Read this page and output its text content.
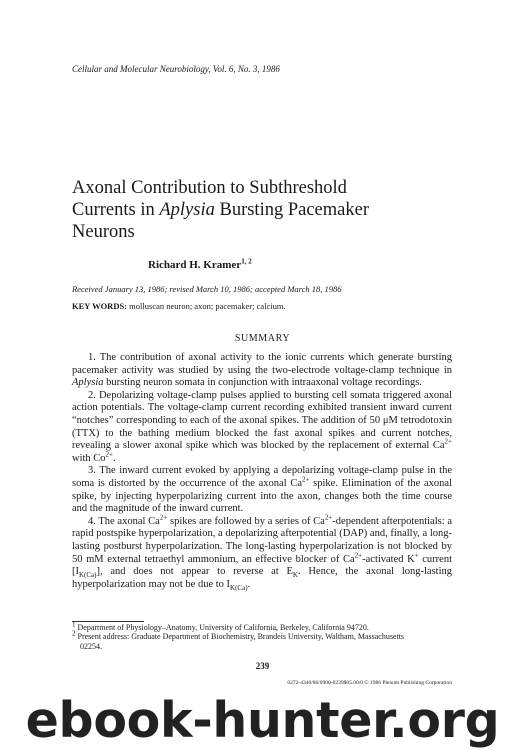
Cellular and Molecular Neurobiology, Vol. 6, No. 3, 1986
Axonal Contribution to Subthreshold
Currents in Aplysia Bursting Pacemaker
Neurons
Richard H. Kramer$^{1, 2}$
Received January 13, 1986; revised March 10, 1986; accepted March 18, 1986
KEY WORDS: molluscan neuron; axon; pacemaker; calcium.
SUMMARY

1. The contribution of axonal activity to the ionic currents which generate bursting pacemaker activity was studied by using the two-electrode voltage-clamp technique in Aplysia bursting neuron somata in conjunction with intraaxonal voltage recordings.

2. Depolarizing voltage-clamp pulses applied to bursting cell somata triggered axonal action potentials. The voltage-clamp current recording exhibited transient inward current “notches” corresponding to each of the axonal spikes. The addition of 50 μM tetrodotoxin (TTX) to the bathing medium blocked the fast axonal spikes and current notches, revealing a slower axonal spike which was blocked by the replacement of external $Ca^{2+}$ with $Co^{2+}$.

3. The inward current evoked by applying a depolarizing voltage-clamp pulse in the soma is distorted by the occurrence of the axonal $Ca^{2+}$ spike. Elimination of the axonal spike, by injecting hyperpolarizing current into the axon, changes both the time course and the magnitude of the inward current.

4. The axonal $Ca^{2+}$ spikes are followed by a series of $Ca^{2+}$-dependent afterpotentials: a rapid postspike hyperpolarization, a depolarizing afterpotential (DAP) and, finally, a long-lasting postburst hyperpolarization. The long-lasting hyperpolarization is not blocked by 50 mM external tetraethyl ammonium, an effective blocker of $Ca^{2+}$-activated K+ current $[I_{K(Ca)}]$, and does not appear to reverse at $E_K$. Hence, the axonal long-lasting hyperpolarization may not be due to $I_{K(Ca)}$.

$^1$ Department of Physiology–Anatomy, University of California, Berkeley, California 94720.

$^2$ Present address: Graduate Department of Biochemistry, Brandeis University, Waltham, Massachusetts

02254.

239
0272-4340/86/0900-0239$05.00/0 © 1986 Plenum Publishing Corporation
ebook-hunter.org
